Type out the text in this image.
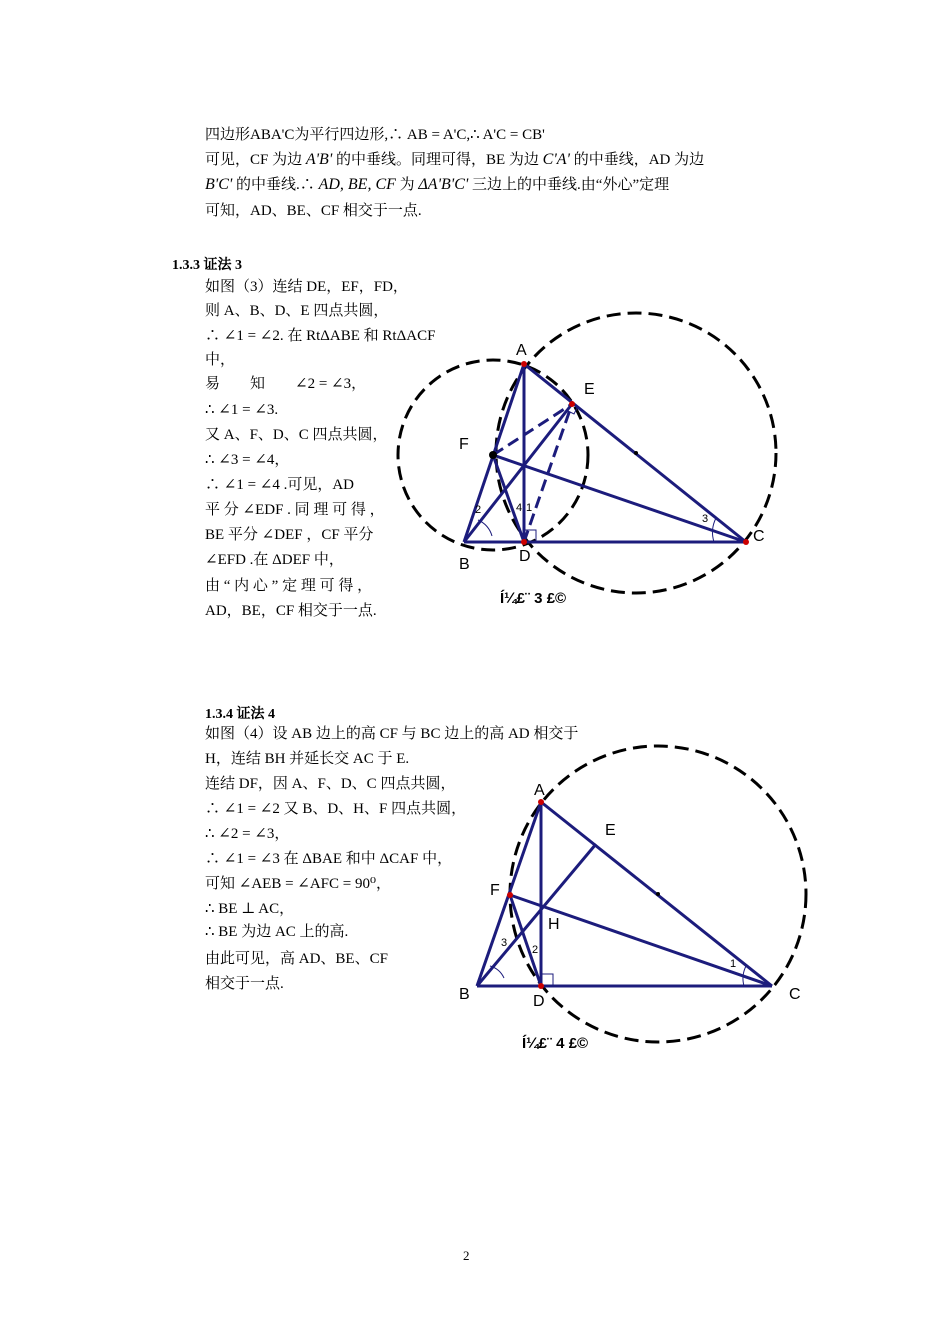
四边形ABA'C为平行四边形,∴ AB = A'C,∴ A'C = CB'
可见，CF 为边 A'B' 的中垂线。同理可得，BE 为边 C'A' 的中垂线，AD 为边
B'C' 的中垂线.∴ AD, BE, CF 为 ΔA'B'C' 三边上的中垂线.由“外心”定理
可知，AD、BE、CF 相交于一点.
1.3.3 证法 3
如图（3）连结 DE，EF，FD，
则 A、B、D、E 四点共圆，
∴ ∠1 = ∠2. 在 RtΔABE 和 RtΔACF
中，
易　　知　　∠2 = ∠3，
∴ ∠1 = ∠3.
又 A、F、D、C 四点共圆，
∴ ∠3 = ∠4，
∴ ∠1 = ∠4 .可见，AD
平 分 ∠EDF . 同 理 可 得 ，
BE 平分 ∠DEF ，CF 平分
∠EFD .在 ΔDEF 中，
由 “ 内 心 ” 定 理 可 得 ，
AD，BE，CF 相交于一点.
A
E
F
B	D
C
2	4 1
3
Í¼£¨ 3 £©
1.3.4 证法 4
如图（4）设 AB 边上的高 CF 与 BC 边上的高 AD 相交于
H，连结 BH 并延长交 AC 于 E.
连结 DF，因 A、F、D、C 四点共圆，
∴ ∠1 = ∠2 又 B、D、H、F 四点共圆，
∴ ∠2 = ∠3，
∴ ∠1 = ∠3 在 ΔBAE 和中 ΔCAF 中，
可知 ∠AEB = ∠AFC = 90⁰，
∴ BE ⊥ AC，
∴ BE 为边 AC 上的高.
由此可见，高 AD、BE、CF
相交于一点.
A
E
F
H
B	D	C
3
2
1
Í¼£¨ 4 £©
2
